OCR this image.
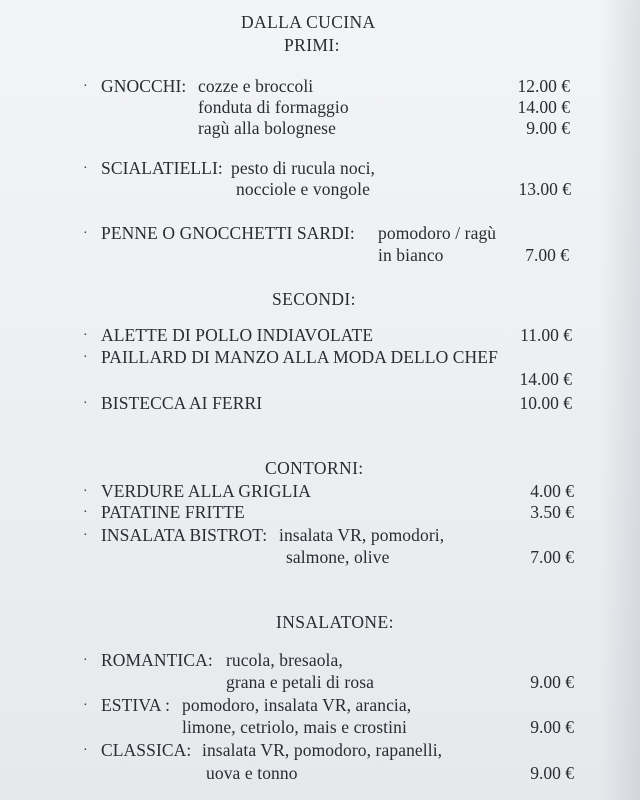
DALLA CUCINA
PRIMI:
· GNOCCHI: cozze e broccoli	12.00 €
fonduta di formaggio	14.00 €
ragù alla bolognese	9.00 €
· SCIALATIELLI: pesto di rucula noci,
nocciole e vongole	13.00 €
· PENNE O GNOCCHETTI SARDI: pomodoro / ragù
in bianco	7.00 €
SECONDI:
· ALETTE DI POLLO INDIAVOLATE	11.00 €
· PAILLARD DI MANZO ALLA MODA DELLO CHEF
14.00 €
· BISTECCA AI FERRI	10.00 €
CONTORNI:
· VERDURE ALLA GRIGLIA	4.00 €
· PATATINE FRITTE	3.50 €
· INSALATA BISTROT: insalata VR, pomodori,
salmone, olive	7.00 €
INSALATONE:
· ROMANTICA: rucola, bresaola,
grana e petali di rosa	9.00 €
· ESTIVA : pomodoro, insalata VR, arancia,
limone, cetriolo, mais e crostini	9.00 €
· CLASSICA: insalata VR, pomodoro, rapanelli,
uova e tonno	9.00 €
